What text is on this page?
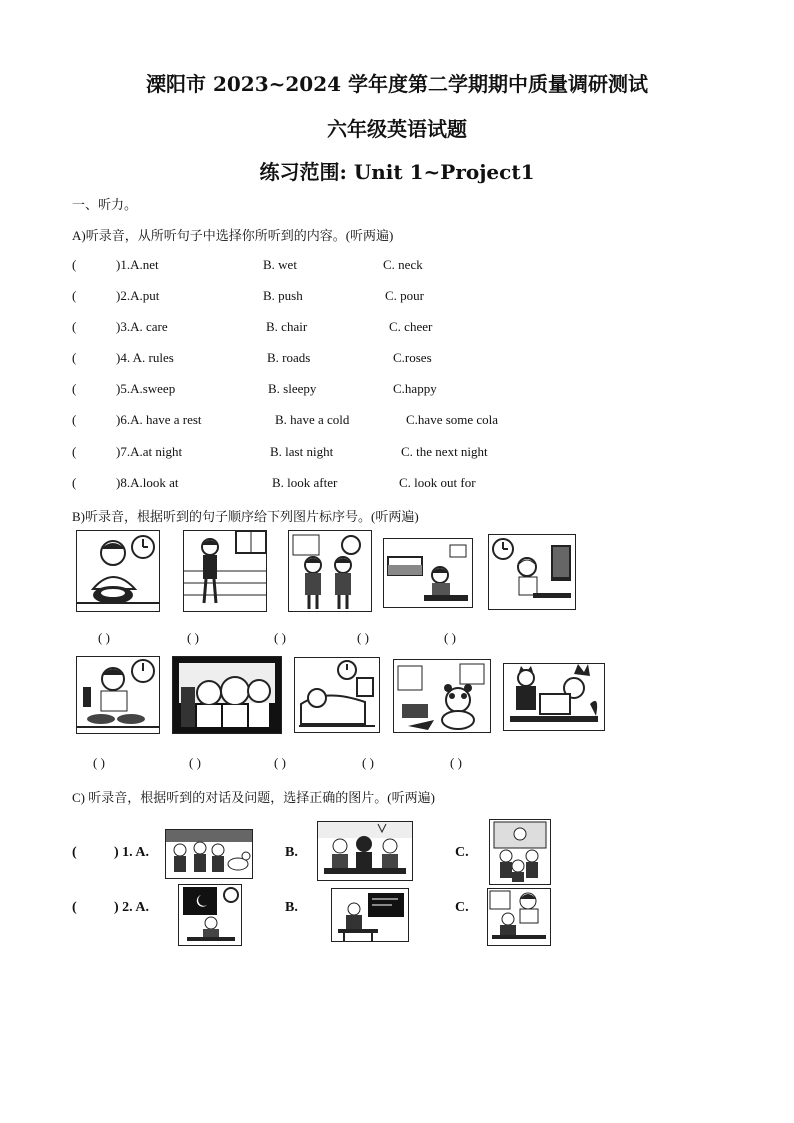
溧阳市 2023~2024 学年度第二学期期中质量调研测试
六年级英语试题
练习范围: Unit 1~Project1
一、听力。
A)听录音，从所听句子中选择你所听到的内容。(听两遍)
(	)1.A.net	B. wet	C. neck
(	)2.A.put	B. push	C. pour
(	)3.A. care	B. chair	C. cheer
(	)4. A. rules	B. roads	C.roses
(	)5.A.sweep	B. sleepy	C.happy
(	)6.A. have a rest	B. have a cold	C.have some cola
(	)7.A.at night	B. last night	C. the next night
(	)8.A.look at	B. look after	C. look out for
B)听录音，根据听到的句子顺序给下列图片标序号。(听两遍)
( )	( )	( )	( )	( )
( )	( )	( )	( )	( )
C) 听录音，根据听到的对话及问题，选择正确的图片。(听两遍)
(	) 1. A.	B.	C.
(	) 2. A.	B.	C.
